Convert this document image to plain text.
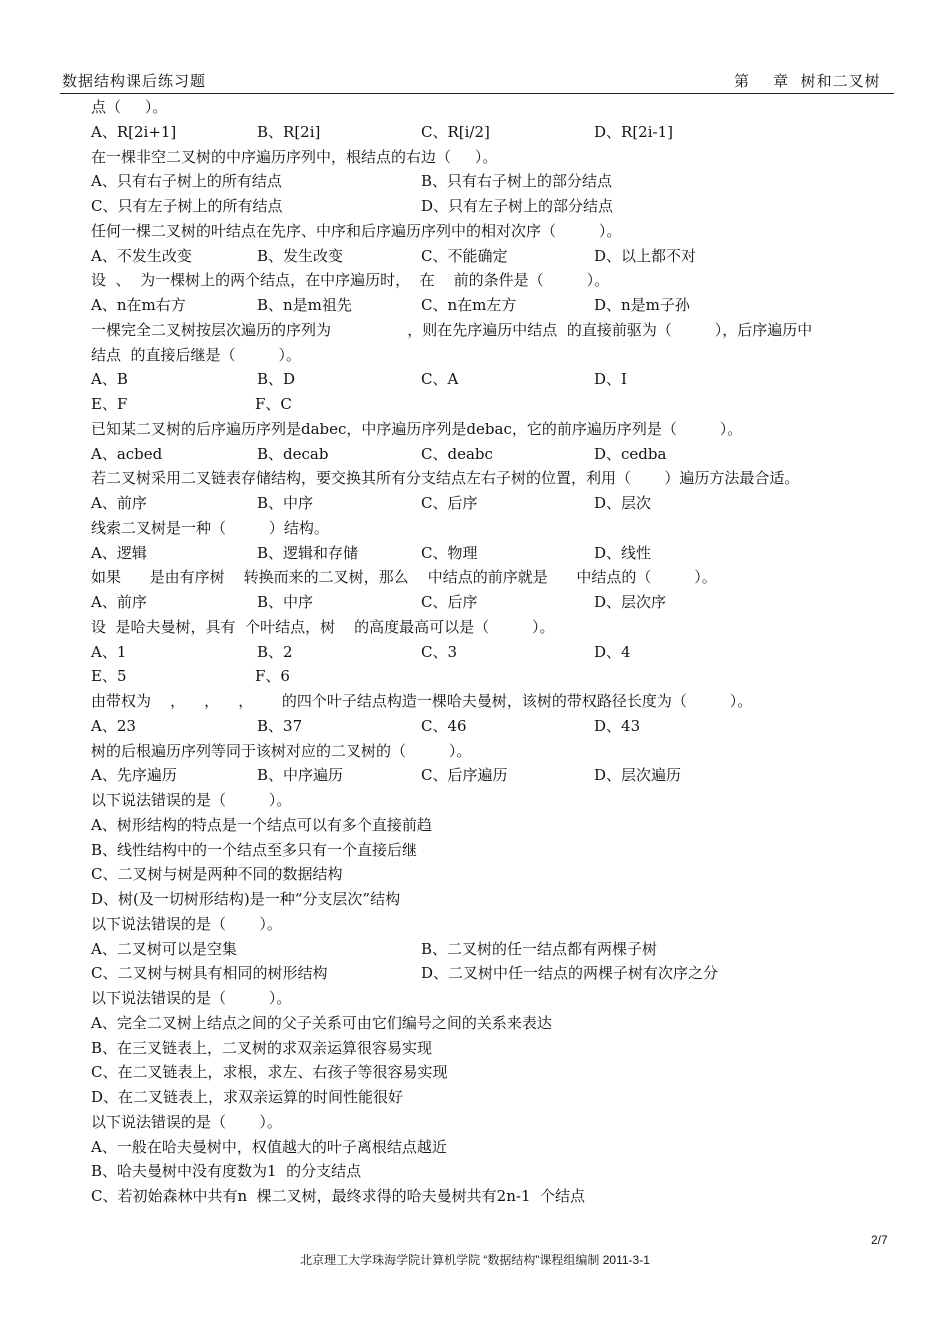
数据结构课后练习题	第    章  树和二叉树
点（     ）。
A、R[2i+1]	B、R[2i]	C、R[i/2]	D、R[2i-1]
在一棵非空二叉树的中序遍历序列中，根结点的右边（     ）。
A、只有右子树上的所有结点	B、只有右子树上的部分结点
C、只有左子树上的所有结点	D、只有左子树上的部分结点
任何一棵二叉树的叶结点在先序、中序和后序遍历序列中的相对次序（         ）。
A、不发生改变	B、发生改变	C、不能确定	D、以上都不对
设  、  为一棵树上的两个结点，在中序遍历时，  在    前的条件是（         ）。
A、n在m右方	B、n是m祖先	C、n在m左方	D、n是m子孙
一棵完全二叉树按层次遍历的序列为                ，则在先序遍历中结点  的直接前驱为（         ），后序遍历中
结点  的直接后继是（         ）。
A、B	B、D	C、A	D、I
E、F	F、C
已知某二叉树的后序遍历序列是dabec，中序遍历序列是debac，它的前序遍历序列是（         ）。
A、acbed	B、decab	C、deabc	D、cedba
若二叉树采用二叉链表存储结构，要交换其所有分支结点左右子树的位置，利用（       ）遍历方法最合适。
A、前序	B、中序	C、后序	D、层次
线索二叉树是一种（         ）结构。
A、逻辑	B、逻辑和存储	C、物理	D、线性
如果      是由有序树    转换而来的二叉树，那么    中结点的前序就是      中结点的（         ）。
A、前序	B、中序	C、后序	D、层次序
设  是哈夫曼树，具有  个叶结点，树    的高度最高可以是（         ）。
A、1	B、2	C、3	D、4
E、5	F、6
由带权为    ，    ，    ，      的四个叶子结点构造一棵哈夫曼树，该树的带权路径长度为（         ）。
A、23	B、37	C、46	D、43
树的后根遍历序列等同于该树对应的二叉树的（         ）。
A、先序遍历	B、中序遍历	C、后序遍历	D、层次遍历
以下说法错误的是（         ）。
A、树形结构的特点是一个结点可以有多个直接前趋
B、线性结构中的一个结点至多只有一个直接后继
C、二叉树与树是两种不同的数据结构
D、树(及一切树形结构)是一种“分支层次”结构
以下说法错误的是（       ）。
A、二叉树可以是空集	B、二叉树的任一结点都有两棵子树
C、二叉树与树具有相同的树形结构	D、二叉树中任一结点的两棵子树有次序之分
以下说法错误的是（         ）。
A、完全二叉树上结点之间的父子关系可由它们编号之间的关系来表达
B、在三叉链表上，二叉树的求双亲运算很容易实现
C、在二叉链表上，求根，求左、右孩子等很容易实现
D、在二叉链表上，求双亲运算的时间性能很好
以下说法错误的是（       ）。
A、一般在哈夫曼树中，权值越大的叶子离根结点越近
B、哈夫曼树中没有度数为1  的分支结点
C、若初始森林中共有n  棵二叉树，最终求得的哈夫曼树共有2n-1  个结点
2/7
北京理工大学珠海学院计算机学院 “数据结构”课程组编制 2011-3-1
